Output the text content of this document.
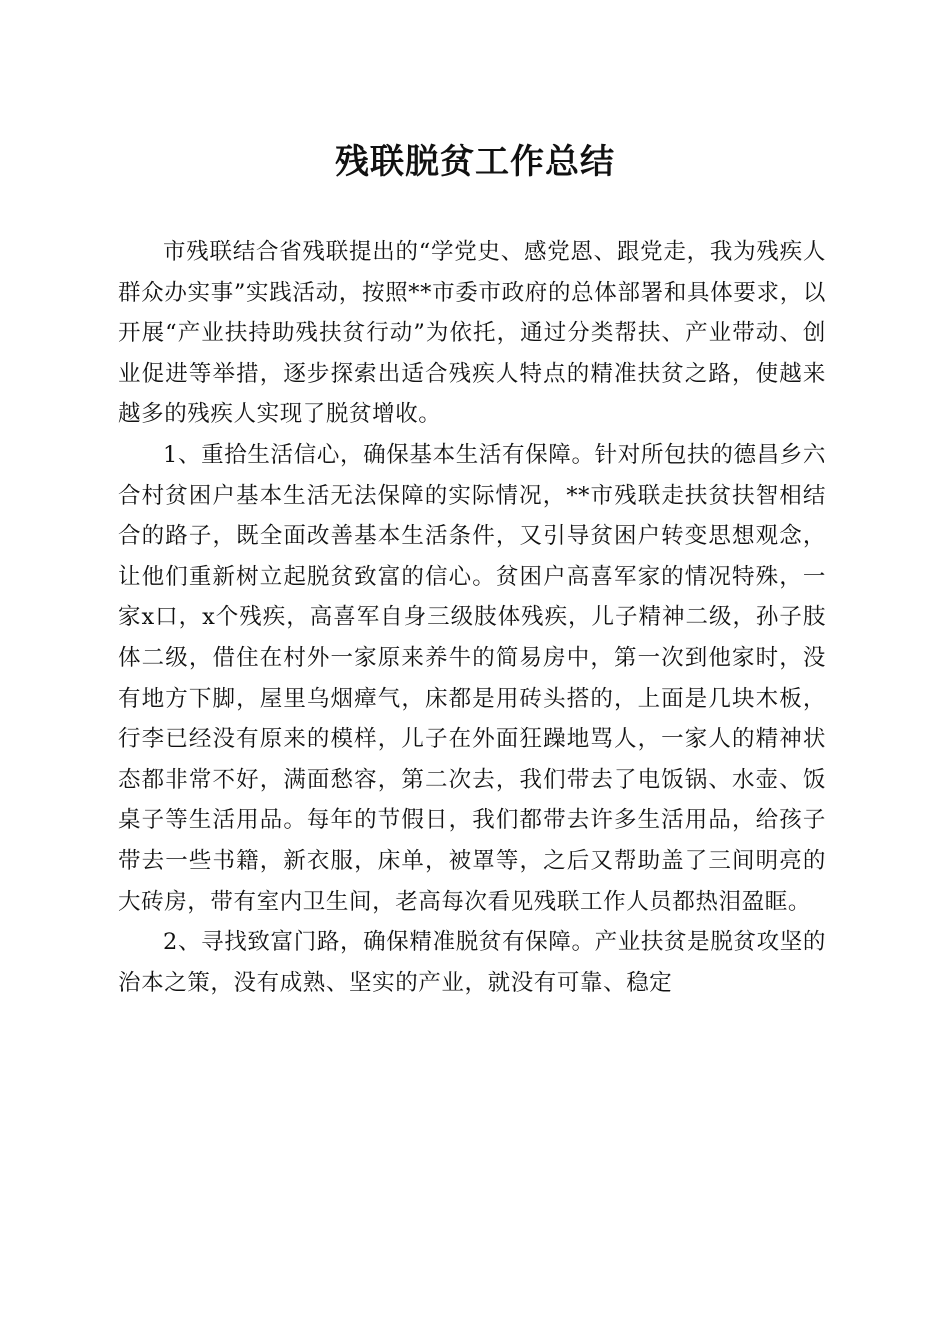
残联脱贫工作总结

市残联结合省残联提出的“学党史、感党恩、跟党走，我为残疾人群众办实事”实践活动，按照**市委市政府的总体部署和具体要求，以开展“产业扶持助残扶贫行动”为依托，通过分类帮扶、产业带动、创业促进等举措，逐步探索出适合残疾人特点的精准扶贫之路，使越来越多的残疾人实现了脱贫增收。

1、重拾生活信心，确保基本生活有保障。针对所包扶的德昌乡六合村贫困户基本生活无法保障的实际情况，**市残联走扶贫扶智相结合的路子，既全面改善基本生活条件，又引导贫困户转变思想观念，让他们重新树立起脱贫致富的信心。贫困户高喜军家的情况特殊，一家x口，x个残疾，高喜军自身三级肢体残疾，儿子精神二级，孙子肢体二级，借住在村外一家原来养牛的简易房中，第一次到他家时，没有地方下脚，屋里乌烟瘴气，床都是用砖头搭的，上面是几块木板，行李已经没有原来的模样，儿子在外面狂躁地骂人，一家人的精神状态都非常不好，满面愁容，第二次去，我们带去了电饭锅、水壶、饭桌子等生活用品。每年的节假日，我们都带去许多生活用品，给孩子带去一些书籍，新衣服，床单，被罩等，之后又帮助盖了三间明亮的大砖房，带有室内卫生间，老高每次看见残联工作人员都热泪盈眶。

2、寻找致富门路，确保精准脱贫有保障。产业扶贫是脱贫攻坚的治本之策，没有成熟、坚实的产业，就没有可靠、稳定
